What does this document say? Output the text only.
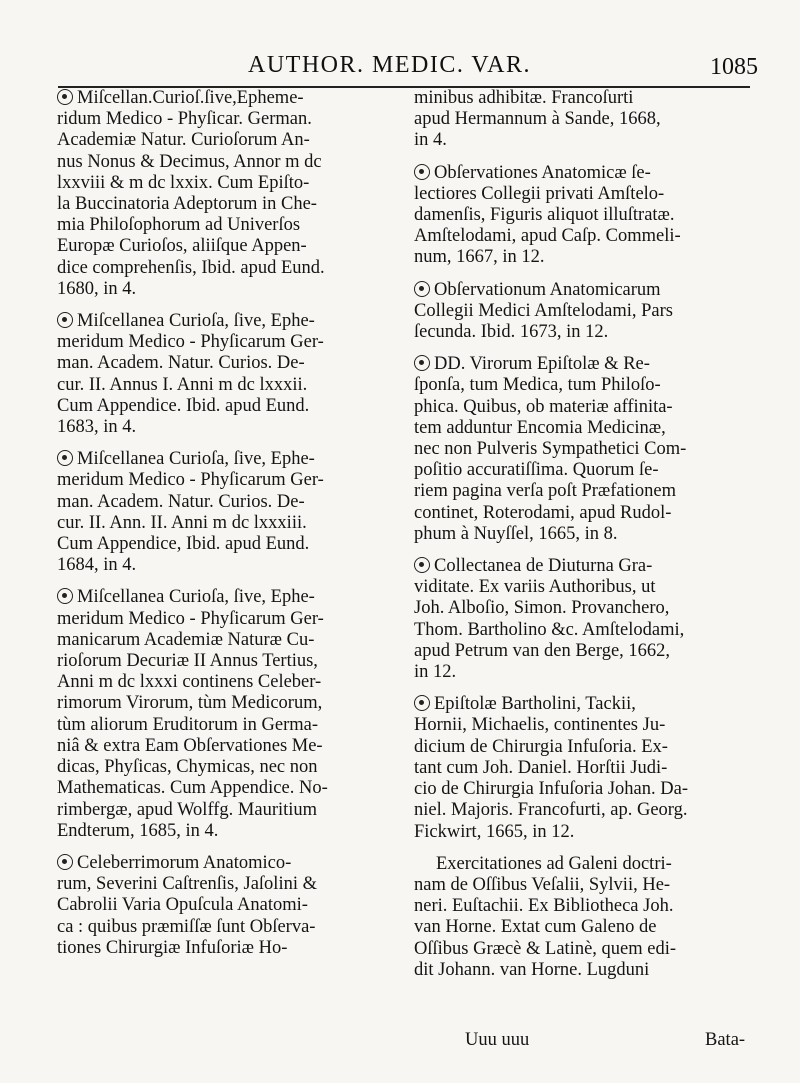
AUTHOR. MEDIC. VAR.	1085
Miſcellan.Curioſ.ſive,Epheme-
ridum Medico - Phyſicar. German.
Academiæ Natur. Curioſorum An-
nus Nonus & Decimus, Annor m dc
lxxviii & m dc lxxix. Cum Epiſto-
la Buccinatoria Adeptorum in Che-
mia Philoſophorum ad Univerſos
Europæ Curioſos, aliiſque Appen-
dice comprehenſis, Ibid. apud Eund.
1680, in 4.
Miſcellanea Curioſa, ſive, Ephe-
meridum Medico - Phyſicarum Ger-
man. Academ. Natur. Curios. De-
cur. II. Annus I. Anni m dc lxxxii.
Cum Appendice. Ibid. apud Eund.
1683, in 4.
Miſcellanea Curioſa, ſive, Ephe-
meridum Medico - Phyſicarum Ger-
man. Academ. Natur. Curios. De-
cur. II. Ann. II. Anni m dc lxxxiii.
Cum Appendice, Ibid. apud Eund.
1684, in 4.
Miſcellanea Curioſa, ſive, Ephe-
meridum Medico - Phyſicarum Ger-
manicarum Academiæ Naturæ Cu-
rioſorum Decuriæ II Annus Tertius,
Anni m dc lxxxi continens Celeber-
rimorum Virorum, tùm Medicorum,
tùm aliorum Eruditorum in Germa-
niâ & extra Eam Obſervationes Me-
dicas, Phyſicas, Chymicas, nec non
Mathematicas. Cum Appendice. No-
rimbergæ, apud Wolffg. Mauritium
Endterum, 1685, in 4.
Celeberrimorum Anatomico-
rum, Severini Caſtrenſis, Jaſolini &
Cabrolii Varia Opuſcula Anatomi-
ca : quibus præmiſſæ ſunt Obſerva-
tiones Chirurgiæ Infuſoriæ Ho-
minibus adhibitæ. Francoſurti
apud Hermannum à Sande, 1668,
in 4.
Obſervationes Anatomicæ ſe-
lectiores Collegii privati Amſtelo-
damenſis, Figuris aliquot illuſtratæ.
Amſtelodami, apud Caſp. Commeli-
num, 1667, in 12.
Obſervationum Anatomicarum
Collegii Medici Amſtelodami, Pars
ſecunda. Ibid. 1673, in 12.
DD. Virorum Epiſtolæ & Re-
ſponſa, tum Medica, tum Philoſo-
phica. Quibus, ob materiæ affinita-
tem adduntur Encomia Medicinæ,
nec non Pulveris Sympathetici Com-
poſitio accuratiſſima. Quorum ſe-
riem pagina verſa poſt Præfationem
continet, Roterodami, apud Rudol-
phum à Nuyſſel, 1665, in 8.
Collectanea de Diuturna Gra-
viditate. Ex variis Authoribus, ut
Joh. Alboſio, Simon. Provanchero,
Thom. Bartholino &c. Amſtelodami,
apud Petrum van den Berge, 1662,
in 12.
Epiſtolæ Bartholini, Tackii,
Hornii, Michaelis, continentes Ju-
dicium de Chirurgia Infuſoria. Ex-
tant cum Joh. Daniel. Horſtii Judi-
cio de Chirurgia Infuſoria Johan. Da-
niel. Majoris. Francofurti, ap. Georg.
Fickwirt, 1665, in 12.
Exercitationes ad Galeni doctri-
nam de Oſſibus Veſalii, Sylvii, He-
neri. Euſtachii. Ex Bibliotheca Joh.
van Horne. Extat cum Galeno de
Oſſibus Græcè & Latinè, quem edi-
dit Johann. van Horne. Lugduni
Uuu uuu	Bata-
